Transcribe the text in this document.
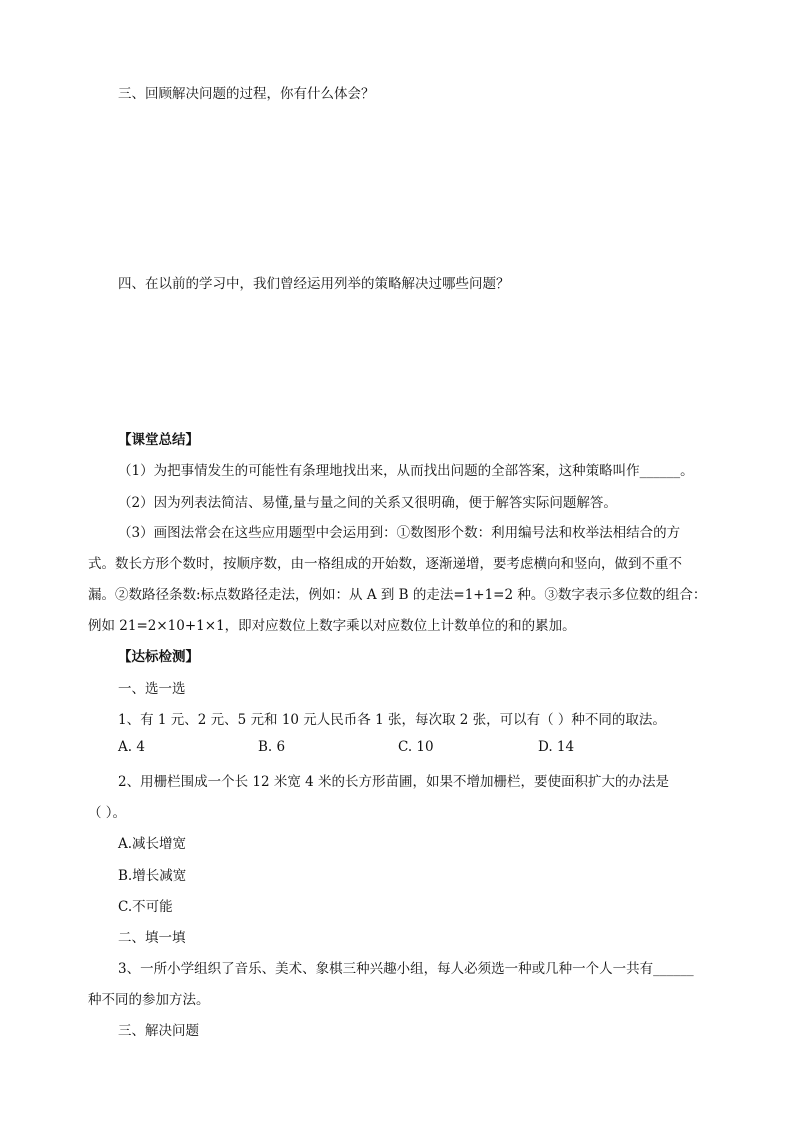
三、回顾解决问题的过程，你有什么体会？
四、在以前的学习中，我们曾经运用列举的策略解决过哪些问题？
【课堂总结】
（1）为把事情发生的可能性有条理地找出来，从而找出问题的全部答案，这种策略叫作______。
（2）因为列表法简洁、易懂,量与量之间的关系又很明确，便于解答实际问题解答。
（3）画图法常会在这些应用题型中会运用到：①数图形个数：利用编号法和枚举法相结合的方
式。数长方形个数时，按顺序数，由一格组成的开始数，逐渐递增，要考虑横向和竖向，做到不重不
漏。②数路径条数:标点数路径走法，例如：从 A 到 B 的走法=1+1=2 种。③数字表示多位数的组合：
例如 21=2×10+1×1，即对应数位上数字乘以对应数位上计数单位的和的累加。
【达标检测】
一、选一选
1、有 1 元、2 元、5 元和 10 元人民币各 1 张，每次取 2 张，可以有（ ）种不同的取法。
A. 4	B. 6	C. 10	D. 14
2、用栅栏围成一个长 12 米宽 4 米的长方形苗圃，如果不增加栅栏，要使面积扩大的办法是
（ ）。
A.减长增宽
B.增长减宽
C.不可能
二、填一填
3、一所小学组织了音乐、美术、象棋三种兴趣小组，每人必须选一种或几种一个人一共有______
种不同的参加方法。
三、解决问题
